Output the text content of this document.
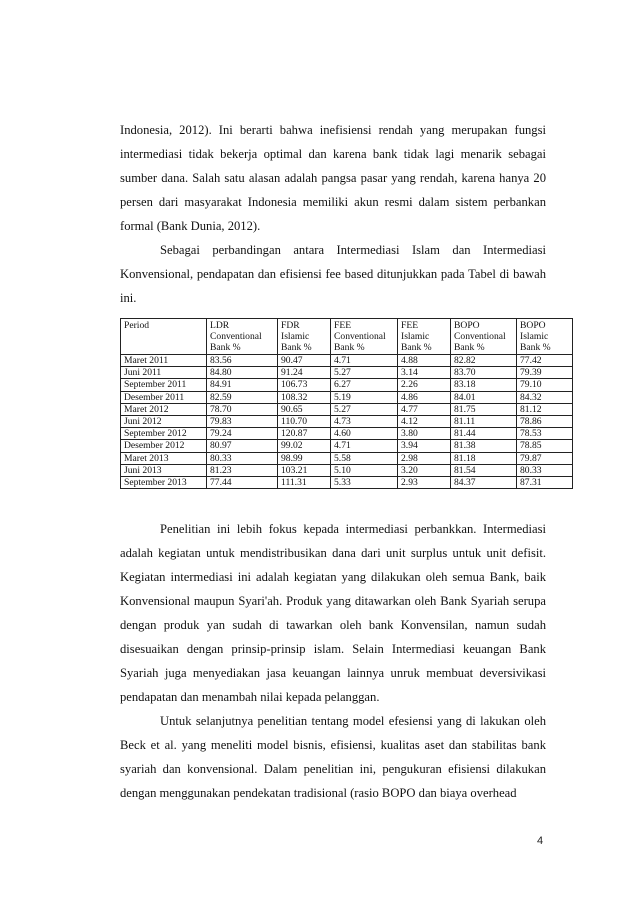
Indonesia, 2012). Ini berarti bahwa inefisiensi rendah yang merupakan fungsi intermediasi tidak bekerja optimal dan karena bank tidak lagi menarik sebagai sumber dana. Salah satu alasan adalah pangsa pasar yang rendah, karena hanya 20 persen dari masyarakat Indonesia memiliki akun resmi dalam sistem perbankan formal (Bank Dunia, 2012).

Sebagai perbandingan antara Intermediasi Islam dan Intermediasi Konvensional, pendapatan dan efisiensi fee based ditunjukkan pada Tabel di bawah ini.

Period	LDR Conventional Bank %	FDR Islamic Bank %	FEE Conventional Bank %	FEE Islamic Bank %	BOPO Conventional Bank %	BOPO Islamic Bank %
Maret 2011	83.56	90.47	4.71	4.88	82.82	77.42
Juni 2011	84.80	91.24	5.27	3.14	83.70	79.39
September 2011	84.91	106.73	6.27	2.26	83.18	79.10
Desember 2011	82.59	108.32	5.19	4.86	84.01	84.32
Maret 2012	78.70	90.65	5.27	4.77	81.75	81.12
Juni 2012	79.83	110.70	4.73	4.12	81.11	78.86
September 2012	79.24	120.87	4.60	3.80	81.44	78.53
Desember 2012	80.97	99.02	4.71	3.94	81.38	78.85
Maret 2013	80.33	98.99	5.58	2.98	81.18	79.87
Juni 2013	81.23	103.21	5.10	3.20	81.54	80.33
September 2013	77.44	111.31	5.33	2.93	84.37	87.31

Penelitian ini lebih fokus kepada intermediasi perbankkan. Intermediasi adalah kegiatan untuk mendistribusikan dana dari unit surplus untuk unit defisit. Kegiatan intermediasi ini adalah kegiatan yang dilakukan oleh semua Bank, baik Konvensional maupun Syari'ah. Produk yang ditawarkan oleh Bank Syariah serupa dengan produk yan sudah di tawarkan oleh bank Konvensilan, namun sudah disesuaikan dengan prinsip-prinsip islam. Selain Intermediasi keuangan Bank Syariah juga menyediakan jasa keuangan lainnya unruk membuat deversivikasi pendapatan dan menambah nilai kepada pelanggan.

Untuk selanjutnya penelitian tentang model efesiensi yang di lakukan oleh Beck et al. yang meneliti model bisnis, efisiensi, kualitas aset dan stabilitas bank syariah dan konvensional. Dalam penelitian ini, pengukuran efisiensi dilakukan dengan menggunakan pendekatan tradisional (rasio BOPO dan biaya overhead

4
